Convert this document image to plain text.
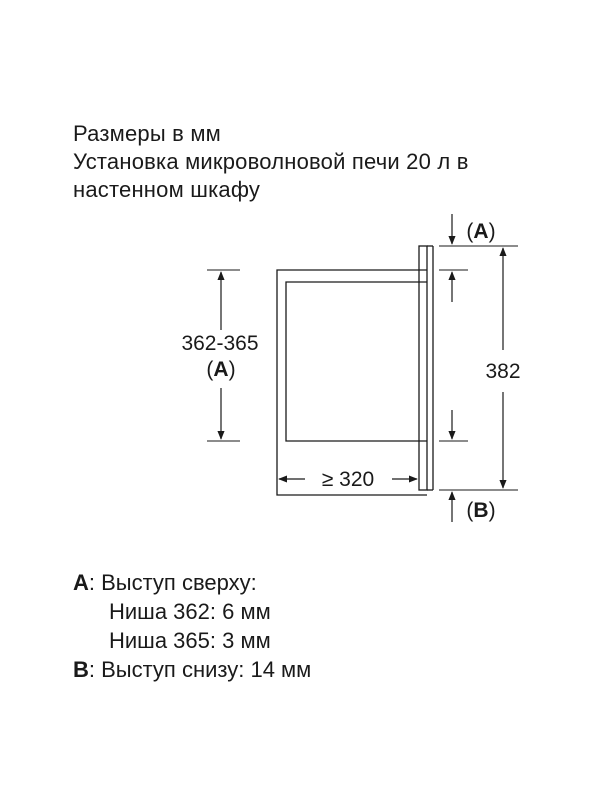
Размеры в мм
Установка микроволновой печи 20 л в
настенном шкафу
362-365
(A)
≥ 320
382
(A)
(B)
A: Выступ сверху:
Ниша 362: 6 мм
Ниша 365: 3 мм
B: Выступ снизу: 14 мм
